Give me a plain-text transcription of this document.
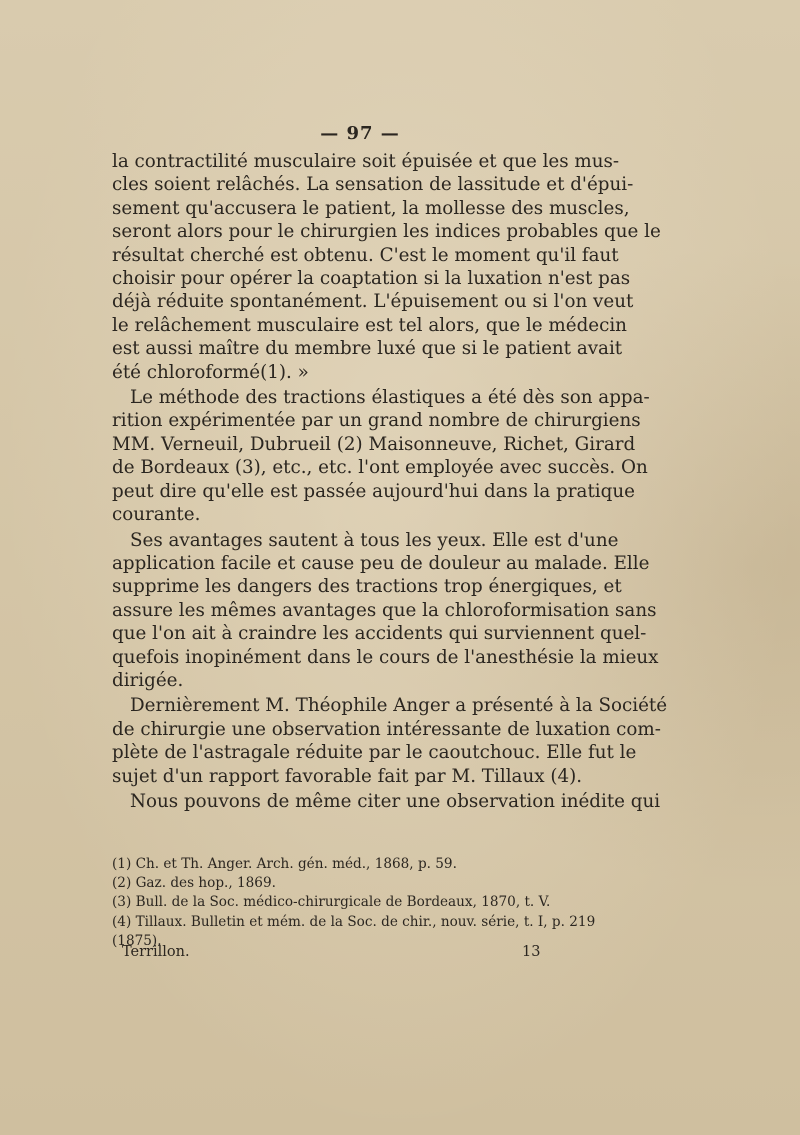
— 97 —
la contractilité musculaire soit épuisée et que les mus-
cles soient relâchés. La sensation de lassitude et d'épui-
sement qu'accusera le patient, la mollesse des muscles,
seront alors pour le chirurgien les indices probables que le
résultat cherché est obtenu. C'est le moment qu'il faut
choisir pour opérer la coaptation si la luxation n'est pas
déjà réduite spontanément. L'épuisement ou si l'on veut
le relâchement musculaire est tel alors, que le médecin
est aussi maître du membre luxé que si le patient avait
été chloroformé(1). »
Le méthode des tractions élastiques a été dès son appa-
rition expérimentée par un grand nombre de chirurgiens
MM. Verneuil, Dubrueil (2) Maisonneuve, Richet, Girard
de Bordeaux (3), etc., etc. l'ont employée avec succès. On
peut dire qu'elle est passée aujourd'hui dans la pratique
courante.
Ses avantages sautent à tous les yeux. Elle est d'une
application facile et cause peu de douleur au malade. Elle
supprime les dangers des tractions trop énergiques, et
assure les mêmes avantages que la chloroformisation sans
que l'on ait à craindre les accidents qui surviennent quel-
quefois inopinément dans le cours de l'anesthésie la mieux
dirigée.
Dernièrement M. Théophile Anger a présenté à la Société
de chirurgie une observation intéressante de luxation com-
plète de l'astragale réduite par le caoutchouc. Elle fut le
sujet d'un rapport favorable fait par M. Tillaux (4).
Nous pouvons de même citer une observation inédite qui
(1) Ch. et Th. Anger. Arch. gén. méd., 1868, p. 59.
(2) Gaz. des hop., 1869.
(3) Bull. de la Soc. médico-chirurgicale de Bordeaux, 1870, t. V.
(4) Tillaux. Bulletin et mém. de la Soc. de chir., nouv. série, t. I, p. 219
(1875).
Terrillon.	13
